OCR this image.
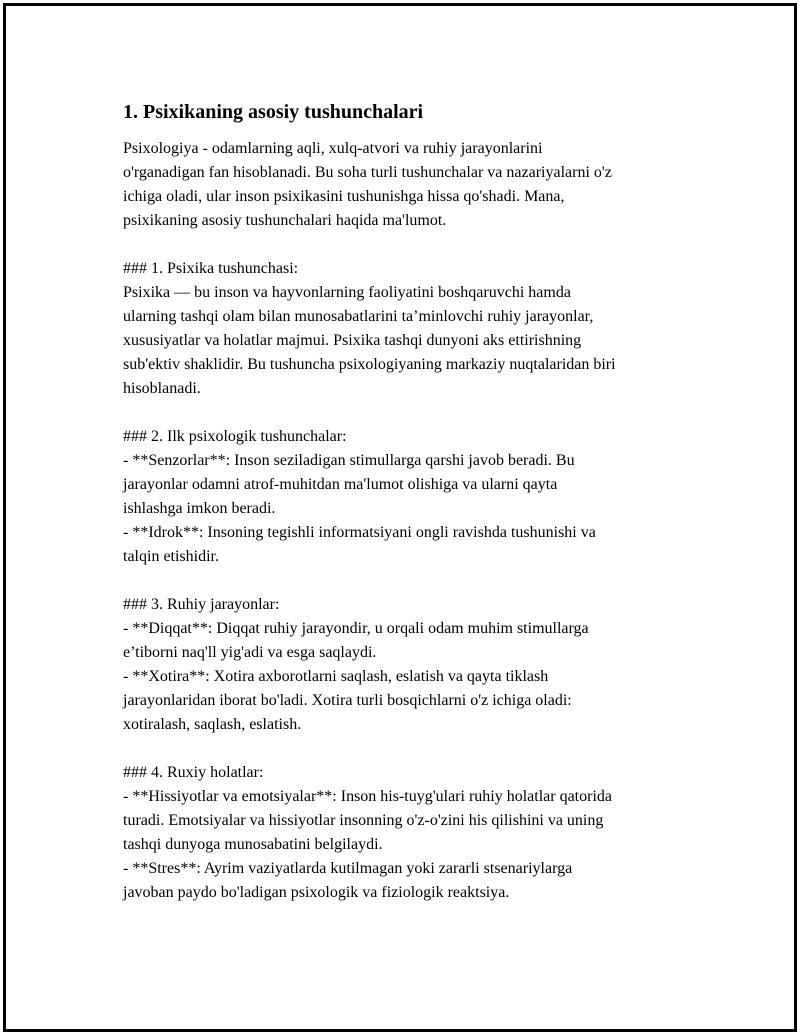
1. Psixikaning asosiy tushunchalari

Psixologiya - odamlarning aqli, xulq-atvori va ruhiy jarayonlarini
o'rganadigan fan hisoblanadi. Bu soha turli tushunchalar va nazariyalarni o'z
ichiga oladi, ular inson psixikasini tushunishga hissa qo'shadi. Mana,
psixikaning asosiy tushunchalari haqida ma'lumot.

### 1. Psixika tushunchasi:
Psixika — bu inson va hayvonlarning faoliyatini boshqaruvchi hamda
ularning tashqi olam bilan munosabatlarini ta’minlovchi ruhiy jarayonlar,
xususiyatlar va holatlar majmui. Psixika tashqi dunyoni aks ettirishning
sub'ektiv shaklidir. Bu tushuncha psixologiyaning markaziy nuqtalaridan biri
hisoblanadi.

### 2. Ilk psixologik tushunchalar:
- **Senzorlar**: Inson seziladigan stimullarga qarshi javob beradi. Bu
jarayonlar odamni atrof-muhitdan ma'lumot olishiga va ularni qayta
ishlashga imkon beradi.
- **Idrok**: Insoning tegishli informatsiyani ongli ravishda tushunishi va
talqin etishidir.

### 3. Ruhiy jarayonlar:
- **Diqqat**: Diqqat ruhiy jarayondir, u orqali odam muhim stimullarga
e’tiborni naq'll yig'adi va esga saqlaydi.
- **Xotira**: Xotira axborotlarni saqlash, eslatish va qayta tiklash
jarayonlaridan iborat bo'ladi. Xotira turli bosqichlarni o'z ichiga oladi:
xotiralash, saqlash, eslatish.

### 4. Ruxiy holatlar:
- **Hissiyotlar va emotsiyalar**: Inson his-tuyg'ulari ruhiy holatlar qatorida
turadi. Emotsiyalar va hissiyotlar insonning o'z-o'zini his qilishini va uning
tashqi dunyoga munosabatini belgilaydi.
- **Stres**: Ayrim vaziyatlarda kutilmagan yoki zararli stsenariylarga
javoban paydo bo'ladigan psixologik va fiziologik reaktsiya.
